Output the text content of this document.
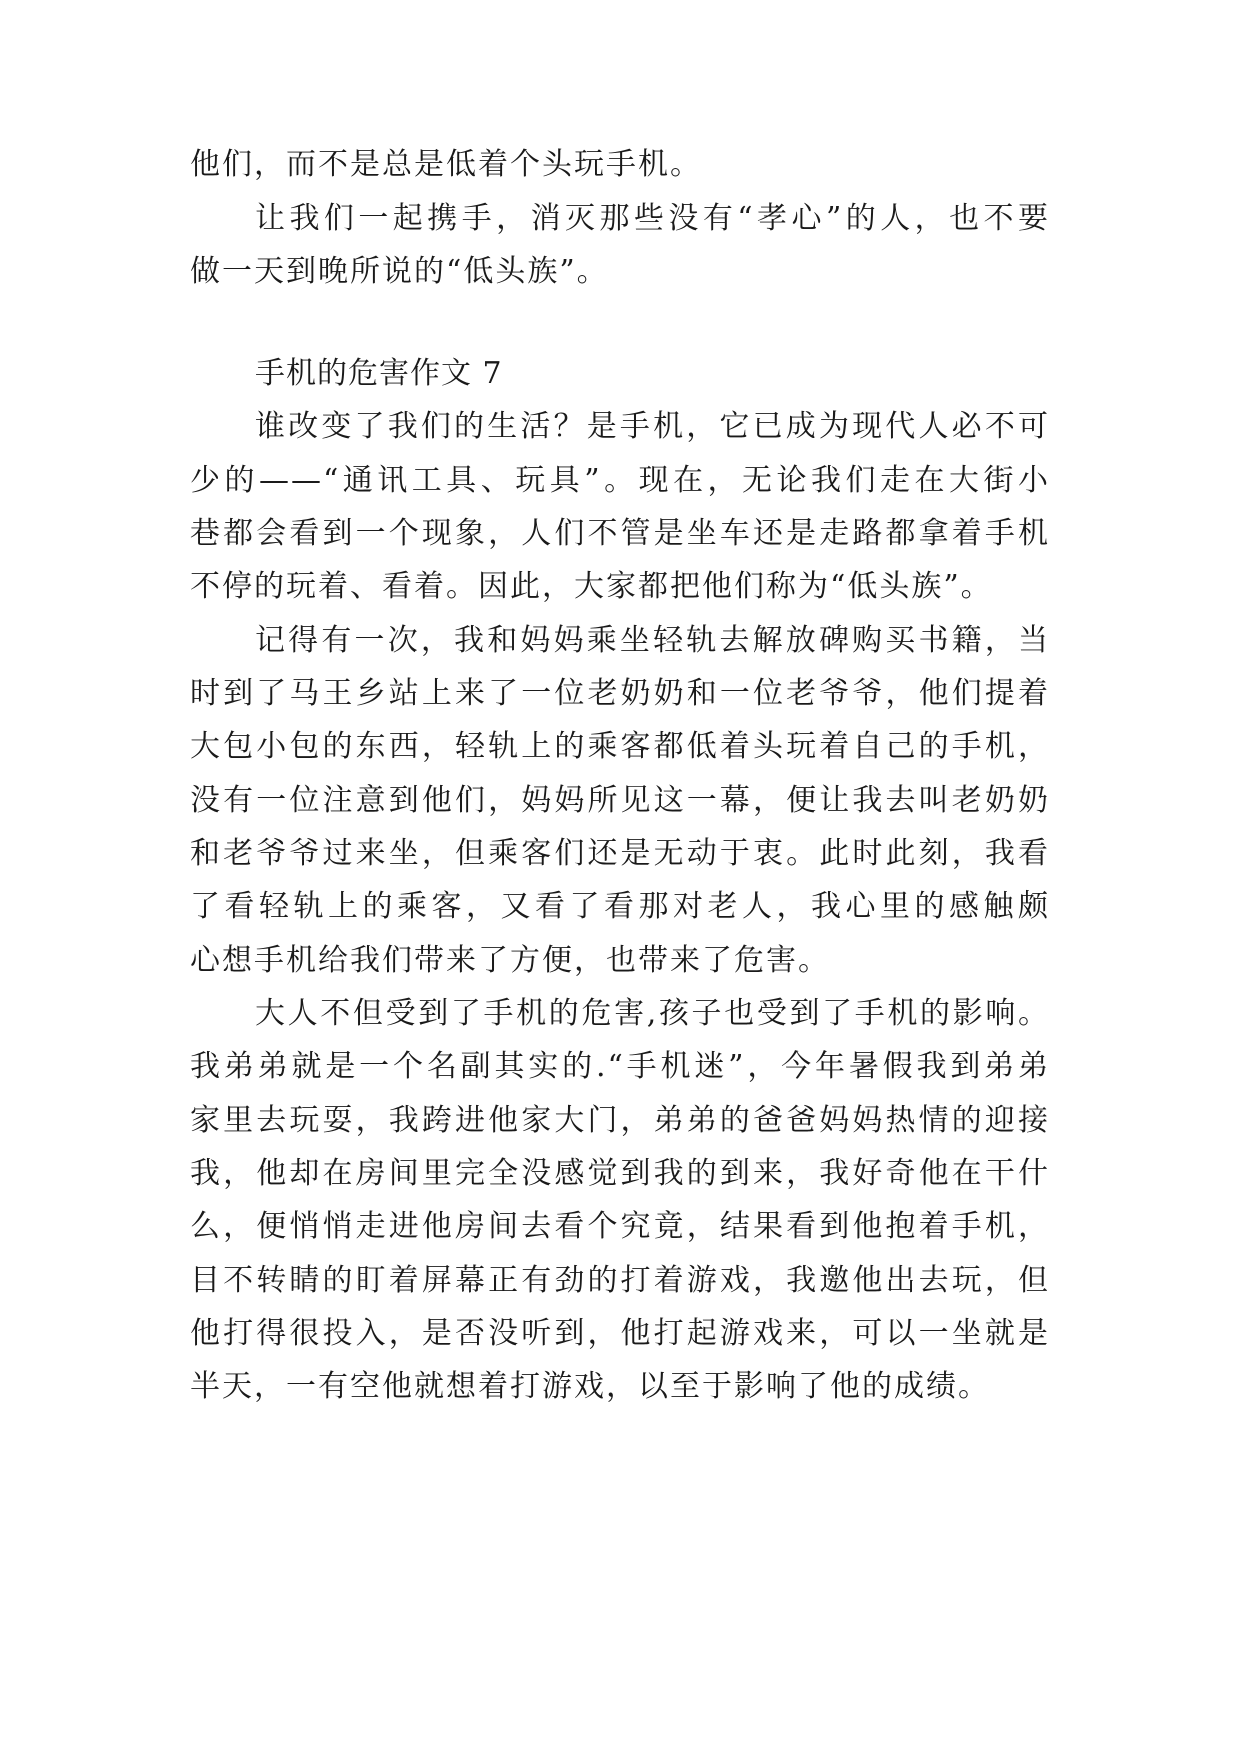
他们，而不是总是低着个头玩手机。
让我们一起携手，消灭那些没有“孝心”的人，也不要
做一天到晚所说的“低头族”。
手机的危害作文 7
谁改变了我们的生活？是手机，它已成为现代人必不可
少的——“通讯工具、玩具”。现在，无论我们走在大街小
巷都会看到一个现象，人们不管是坐车还是走路都拿着手机
不停的玩着、看着。因此，大家都把他们称为“低头族”。
记得有一次，我和妈妈乘坐轻轨去解放碑购买书籍，当
时到了马王乡站上来了一位老奶奶和一位老爷爷，他们提着
大包小包的东西，轻轨上的乘客都低着头玩着自己的手机，
没有一位注意到他们，妈妈所见这一幕，便让我去叫老奶奶
和老爷爷过来坐，但乘客们还是无动于衷。此时此刻，我看
了看轻轨上的乘客，又看了看那对老人，我心里的感触颇
心想手机给我们带来了方便，也带来了危害。
大人不但受到了手机的危害,孩子也受到了手机的影响。
我弟弟就是一个名副其实的.“手机迷”，今年暑假我到弟弟
家里去玩耍，我跨进他家大门，弟弟的爸爸妈妈热情的迎接
我，他却在房间里完全没感觉到我的到来，我好奇他在干什
么，便悄悄走进他房间去看个究竟，结果看到他抱着手机，
目不转睛的盯着屏幕正有劲的打着游戏，我邀他出去玩，但
他打得很投入，是否没听到，他打起游戏来，可以一坐就是
半天，一有空他就想着打游戏，以至于影响了他的成绩。
